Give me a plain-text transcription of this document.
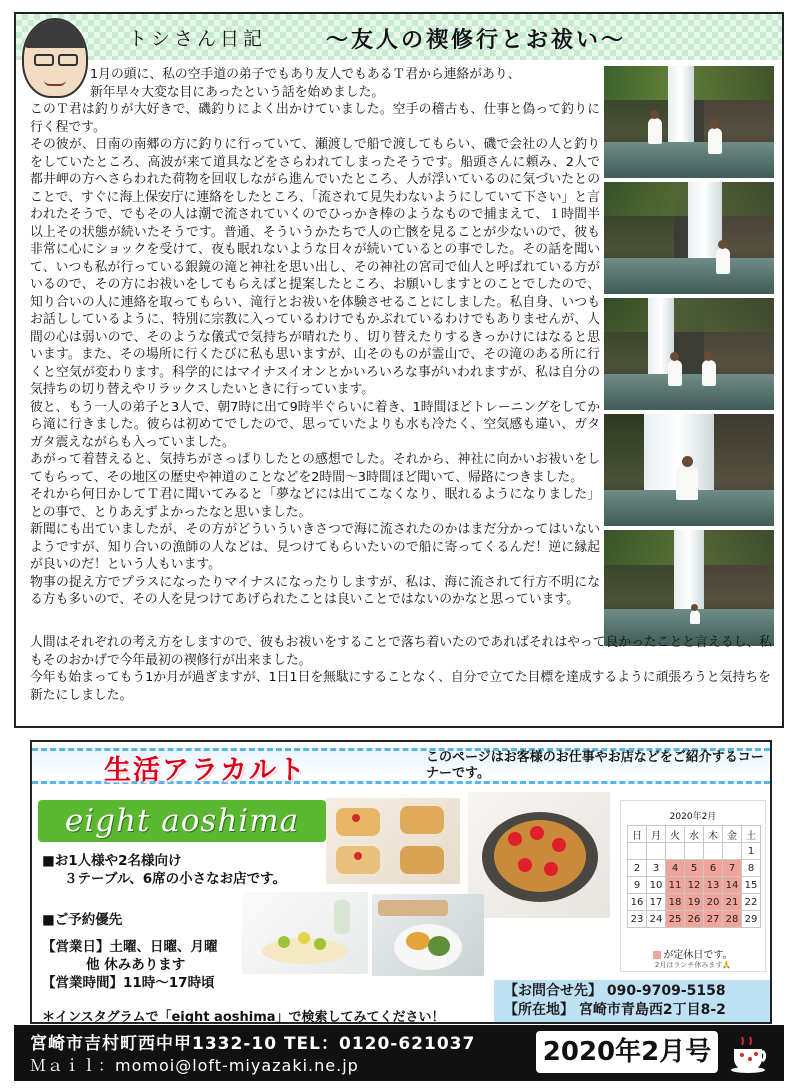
トシさん日記	～友人の禊修行とお祓い～

1月の頭に、私の空手道の弟子でもあり友人でもあるＴ君から連絡があり、

新年早々大変な目にあったという話を始めました。

このＴ君は釣りが大好きで、磯釣りによく出かけていました。空手の稽古も、仕事と偽って釣りに行く程です。

その彼が、日南の南郷の方に釣りに行っていて、瀬渡しで船で渡してもらい、磯で会社の人と釣りをしていたところ、高波が来て道具などをさらわれてしまったそうです。船頭さんに頼み、2人で都井岬の方へさらわれた荷物を回収しながら進んでいたところ、人が浮いているのに気づいたとのことで、すぐに海上保安庁に連絡をしたところ、「流されて見失わないようにしていて下さい」と言われたそうで、でもその人は潮で流されていくのでひっかき棒のようなもので捕まえて、１時間半以上その状態が続いたそうです。普通、そういうかたちで人の亡骸を見ることが少ないので、彼も非常に心にショックを受けて、夜も眠れないような日々が続いているとの事でした。その話を聞いて、いつも私が行っている銀鏡の滝と神社を思い出し、その神社の宮司で仙人と呼ばれている方がいるので、その方にお祓いをしてもらえばと提案したところ、お願いしますとのことでしたので、知り合いの人に連絡を取ってもらい、滝行とお祓いを体験させることにしました。私自身、いつもお話ししているように、特別に宗教に入っているわけでもかぶれているわけでもありませんが、人間の心は弱いので、そのような儀式で気持ちが晴れたり、切り替えたりするきっかけにはなると思います。また、その場所に行くたびに私も思いますが、山そのものが霊山で、その滝のある所に行くと空気が変わります。科学的にはマイナスイオンとかいろいろな事がいわれますが、私は自分の気持ちの切り替えやリラックスしたいときに行っています。

彼と、もう一人の弟子と3人で、朝7時に出て9時半ぐらいに着き、1時間ほどトレーニングをしてから滝に行きました。彼らは初めてでしたので、思っていたよりも水も冷たく、空気感も違い、ガタガタ震えながらも入っていました。

あがって着替えると、気持ちがさっぱりしたとの感想でした。それから、神社に向かいお祓いをしてもらって、その地区の歴史や神道のことなどを2時間～3時間ほど聞いて、帰路につきました。

それから何日かしてＴ君に聞いてみると「夢などには出てこなくなり、眠れるようになりました」との事で、とりあえずよかったなと思いました。

新聞にも出ていましたが、その方がどういういきさつで海に流されたのかはまだ分かってはいないようですが、知り合いの漁師の人などは、見つけてもらいたいので船に寄ってくるんだ！逆に縁起が良いのだ！という人もいます。

物事の捉え方でプラスになったりマイナスになったりしますが、私は、海に流されて行方不明になる方も多いので、その人を見つけてあげられたことは良いことではないのかなと思っています。

人間はそれぞれの考え方をしますので、彼もお祓いをすることで落ち着いたのであればそれはやって良かったことと言えるし、私もそのおかげで今年最初の禊修行が出来ました。

今年も始まってもう1か月が過ぎますが、1日1日を無駄にすることなく、自分で立てた目標を達成するように頑張ろうと気持ちを新たにしました。

生活アラカルト	このページはお客様のお仕事やお店などをご紹介するコーナーです。
eight aoshima
■お1人様や2名様向け
３テーブル、6席の小さなお店です。
■ご予約優先
【営業日】土曜、日曜、月曜
他 休みあります
【営業時間】11時～17時頃
＊インスタグラムで「eight aoshima」で検索してみてください！
2020年2月
日	月	火	水	木	金	土
						1
2	3	4	5	6	7	8
9	10	11	12	13	14	15
16	17	18	19	20	21	22
23	24	25	26	27	28	29
が定休日です。
2月はランチ休みます🙏
【お問合せ先】 090-9709-5158
【所在地】 宮崎市青島西2丁目8-2
宮崎市吉村町西中甲1332-10 TEL：0120-621037
Ｍａｉｌ：momoi@loft-miyazaki.ne.jp	2020年2月号
